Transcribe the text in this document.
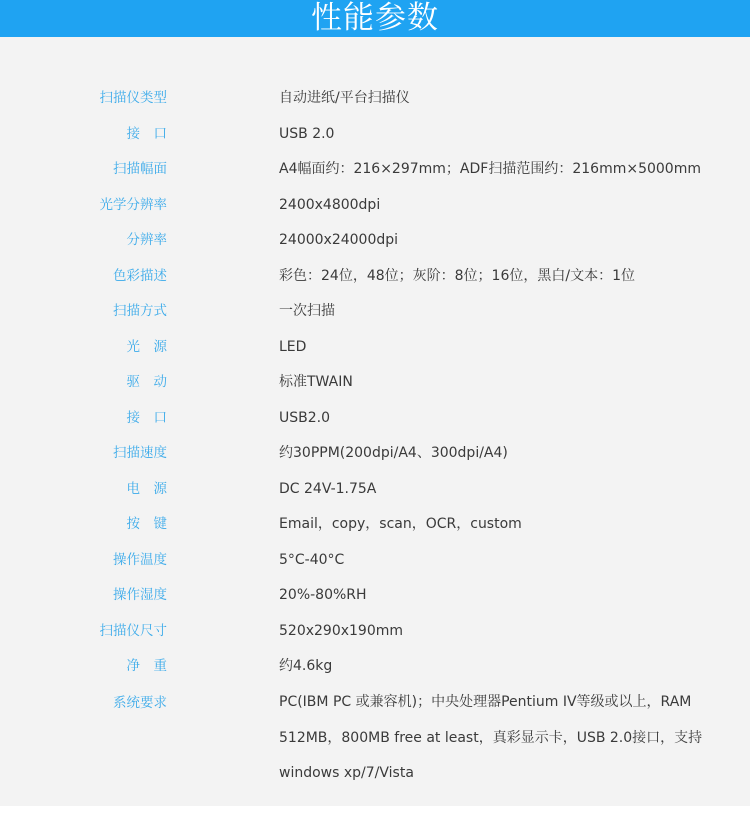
性能参数
扫描仪类型	自动进纸/平台扫描仪
接　口	USB 2.0
扫描幅面	A4幅面约：216×297mm；ADF扫描范围约：216mm×5000mm
光学分辨率	2400x4800dpi
分辨率	24000x24000dpi
色彩描述	彩色：24位，48位；灰阶：8位；16位，黑白/文本：1位
扫描方式	一次扫描
光　源	LED
驱　动	标准TWAIN
接　口	USB2.0
扫描速度	约30PPM(200dpi/A4、300dpi/A4)
电　源	DC 24V-1.75A
按　键	Email，copy，scan，OCR，custom
操作温度	5°C-40°C
操作湿度	20%-80%RH
扫描仪尺寸	520x290x190mm
净　重	约4.6kg
系统要求	PC(IBM PC 或兼容机)；中央处理器Pentium IV等级或以上，RAM
512MB，800MB free at least，真彩显示卡，USB 2.0接口，支持
windows xp/7/Vista
